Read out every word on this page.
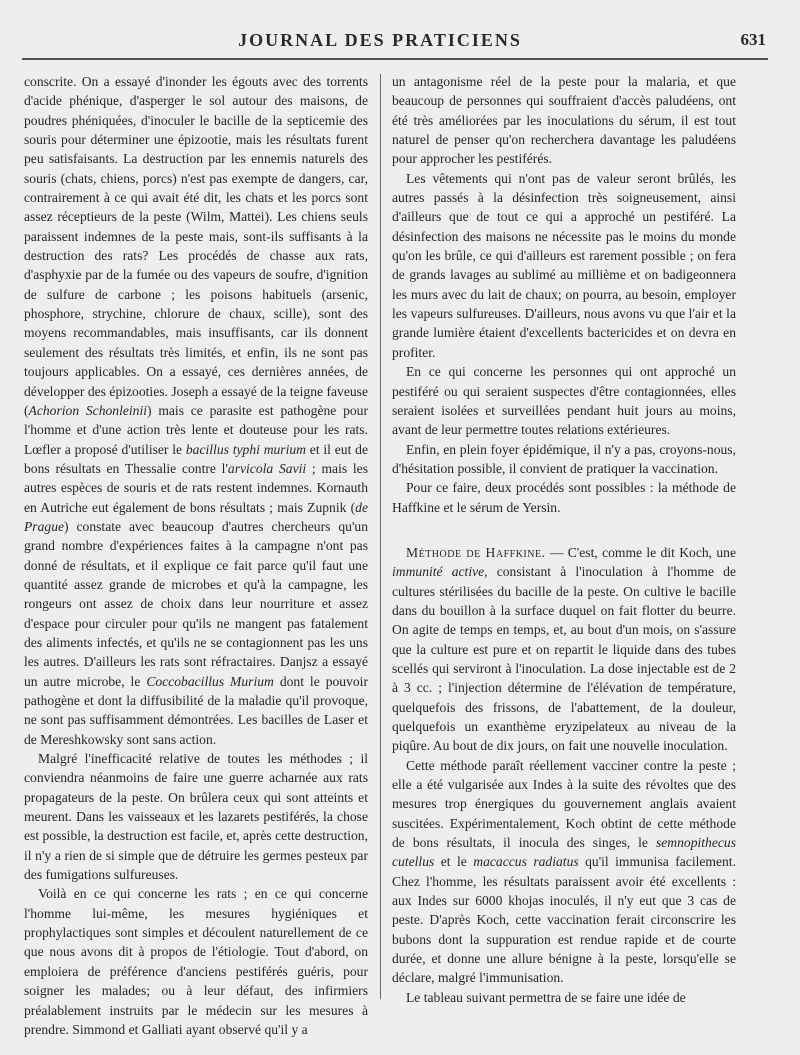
JOURNAL DES PRATICIENS	631

conscrite. On a essayé d'inonder les égouts avec des torrents d'acide phénique, d'asperger le sol autour des maisons, de poudres phéniquées, d'inoculer le bacille de la septicemie des souris pour déterminer une épizootie, mais les résultats furent peu satisfaisants. La destruction par les ennemis naturels des souris (chats, chiens, porcs) n'est pas exempte de dangers, car, contrairement à ce qui avait été dit, les chats et les porcs sont assez réceptieurs de la peste (Wilm, Mattei). Les chiens seuls paraissent indemnes de la peste mais, sont-ils suffisants à la destruction des rats? Les procédés de chasse aux rats, d'asphyxie par de la fumée ou des vapeurs de soufre, d'ignition de sulfure de carbone ; les poisons habituels (arsenic, phosphore, strychine, chlorure de chaux, scille), sont des moyens recommandables, mais insuffisants, car ils donnent seulement des résultats très limités, et enfin, ils ne sont pas toujours applicables. On a essayé, ces dernières années, de développer des épizooties. Joseph a essayé de la teigne faveuse (Achorion Schonleinii) mais ce parasite est pathogène pour l'homme et d'une action très lente et douteuse pour les rats. Lœfler a proposé d'utiliser le bacillus typhi murium et il eut de bons résultats en Thessalie contre l'arvicola Savii ; mais les autres espèces de souris et de rats restent indemnes. Kornauth en Autriche eut également de bons résultats ; mais Zupnik (de Prague) constate avec beaucoup d'autres chercheurs qu'un grand nombre d'expériences faites à la campagne n'ont pas donné de résultats, et il explique ce fait parce qu'il faut une quantité assez grande de microbes et qu'à la campagne, les rongeurs ont assez de choix dans leur nourriture et assez d'espace pour circuler pour qu'ils ne mangent pas fatalement des aliments infectés, et qu'ils ne se contagionnent pas les uns les autres. D'ailleurs les rats sont réfractaires. Danjsz a essayé un autre microbe, le Coccobacillus Murium dont le pouvoir pathogène et dont la diffusibilité de la maladie qu'il provoque, ne sont pas suffisamment démontrées. Les bacilles de Laser et de Mereshkowsky sont sans action.

Malgré l'inefficacité relative de toutes les méthodes ; il conviendra néanmoins de faire une guerre acharnée aux rats propagateurs de la peste. On brûlera ceux qui sont atteints et meurent. Dans les vaisseaux et les lazarets pestiférés, la chose est possible, la destruction est facile, et, après cette destruction, il n'y a rien de si simple que de détruire les germes pesteux par des fumigations sulfureuses.

Voilà en ce qui concerne les rats ; en ce qui concerne l'homme lui-même, les mesures hygiéniques et prophylactiques sont simples et découlent naturellement de ce que nous avons dit à propos de l'étiologie. Tout d'abord, on emploiera de préférence d'anciens pestiférés guéris, pour soigner les malades; ou à leur défaut, des infirmiers préalablement instruits par le médecin sur les mesures à prendre. Simmond et Galliati ayant observé qu'il y a

un antagonisme réel de la peste pour la malaria, et que beaucoup de personnes qui souffraient d'accès paludéens, ont été très améliorées par les inoculations du sérum, il est tout naturel de penser qu'on recherchera davantage les paludéens pour approcher les pestiférés.

Les vêtements qui n'ont pas de valeur seront brûlés, les autres passés à la désinfection très soigneusement, ainsi d'ailleurs que de tout ce qui a approché un pestiféré. La désinfection des maisons ne nécessite pas le moins du monde qu'on les brûle, ce qui d'ailleurs est rarement possible ; on fera de grands lavages au sublimé au millième et on badigeonnera les murs avec du lait de chaux; on pourra, au besoin, employer les vapeurs sulfureuses. D'ailleurs, nous avons vu que l'air et la grande lumière étaient d'excellents bactericides et on devra en profiter.

En ce qui concerne les personnes qui ont approché un pestiféré ou qui seraient suspectes d'être contagionnées, elles seraient isolées et surveillées pendant huit jours au moins, avant de leur permettre toutes relations extérieures.

Enfin, en plein foyer épidémique, il n'y a pas, croyons-nous, d'hésitation possible, il convient de pratiquer la vaccination.

Pour ce faire, deux procédés sont possibles : la méthode de Haffkine et le sérum de Yersin.

Méthode de Haffkine. — C'est, comme le dit Koch, une immunité active, consistant à l'inoculation à l'homme de cultures stérilisées du bacille de la peste. On cultive le bacille dans du bouillon à la surface duquel on fait flotter du beurre. On agite de temps en temps, et, au bout d'un mois, on s'assure que la culture est pure et on repartit le liquide dans des tubes scellés qui serviront à l'inoculation. La dose injectable est de 2 à 3 cc. ; l'injection détermine de l'élévation de température, quelquefois des frissons, de l'abattement, de la douleur, quelquefois un exanthème eryzipelateux au niveau de la piqûre. Au bout de dix jours, on fait une nouvelle inoculation.

Cette méthode paraît réellement vacciner contre la peste ; elle a été vulgarisée aux Indes à la suite des révoltes que des mesures trop énergiques du gouvernement anglais avaient suscitées. Expérimentalement, Koch obtint de cette méthode de bons résultats, il inocula des singes, le semnopithecus cutellus et le macaccus radiatus qu'il immunisa facilement. Chez l'homme, les résultats paraissent avoir été excellents : aux Indes sur 6000 khojas inoculés, il n'y eut que 3 cas de peste. D'après Koch, cette vaccination ferait circonscrire les bubons dont la suppuration est rendue rapide et de courte durée, et donne une allure bénigne à la peste, lorsqu'elle se déclare, malgré l'immunisation.

Le tableau suivant permettra de se faire une idée de
